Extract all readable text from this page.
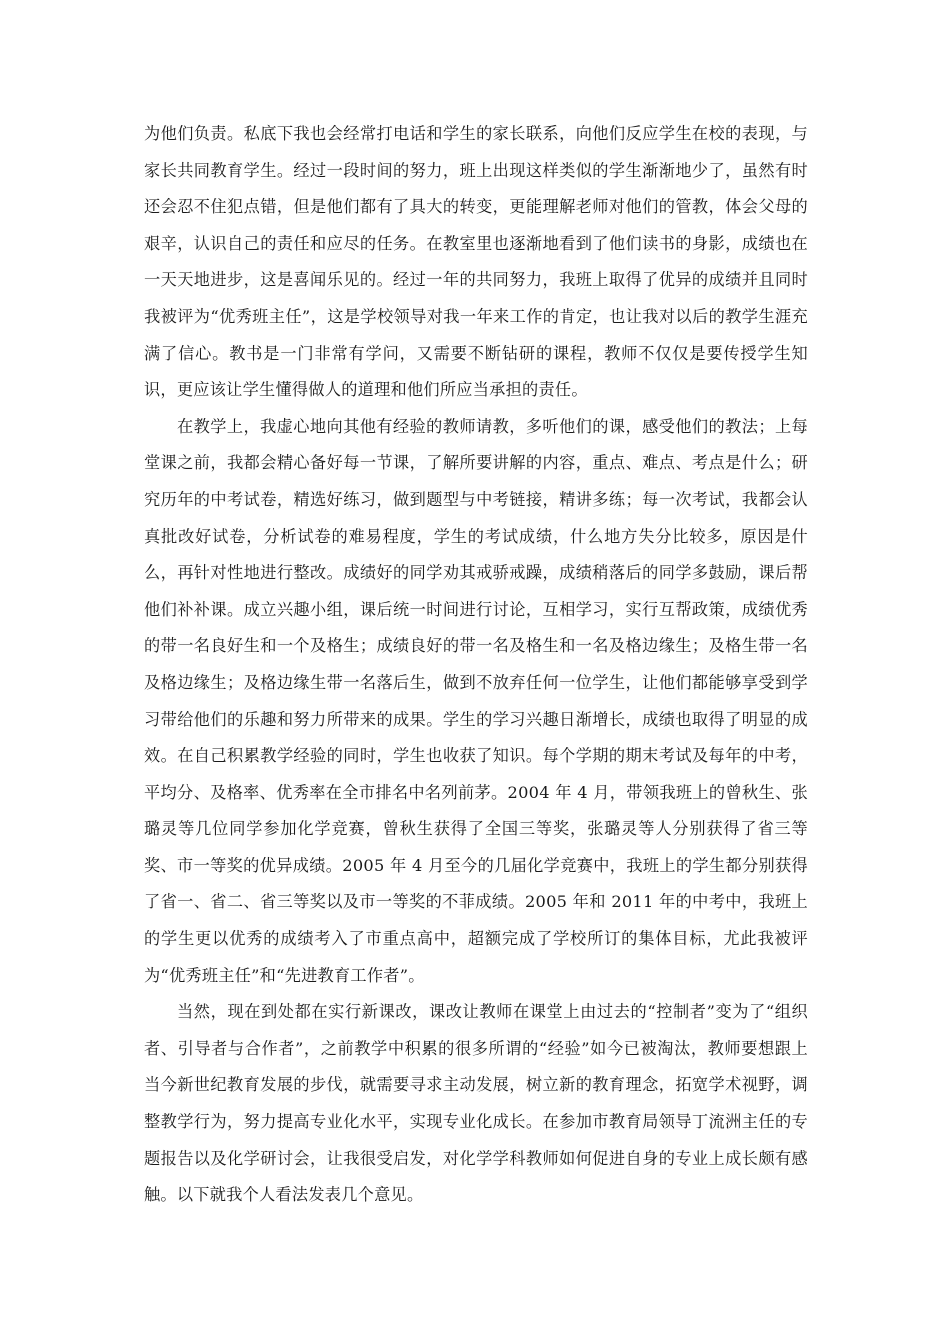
为他们负责。私底下我也会经常打电话和学生的家长联系，向他们反应学生在校的表现，与家长共同教育学生。经过一段时间的努力，班上出现这样类似的学生渐渐地少了，虽然有时还会忍不住犯点错，但是他们都有了具大的转变，更能理解老师对他们的管教，体会父母的艰辛，认识自己的责任和应尽的任务。在教室里也逐渐地看到了他们读书的身影，成绩也在一天天地进步，这是喜闻乐见的。经过一年的共同努力，我班上取得了优异的成绩并且同时我被评为“优秀班主任”，这是学校领导对我一年来工作的肯定，也让我对以后的教学生涯充满了信心。教书是一门非常有学问，又需要不断钻研的课程，教师不仅仅是要传授学生知识，更应该让学生懂得做人的道理和他们所应当承担的责任。

在教学上，我虚心地向其他有经验的教师请教，多听他们的课，感受他们的教法；上每堂课之前，我都会精心备好每一节课，了解所要讲解的内容，重点、难点、考点是什么；研究历年的中考试卷，精选好练习，做到题型与中考链接，精讲多练；每一次考试，我都会认真批改好试卷，分析试卷的难易程度，学生的考试成绩，什么地方失分比较多，原因是什么，再针对性地进行整改。成绩好的同学劝其戒骄戒躁，成绩稍落后的同学多鼓励，课后帮他们补补课。成立兴趣小组，课后统一时间进行讨论，互相学习，实行互帮政策，成绩优秀的带一名良好生和一个及格生；成绩良好的带一名及格生和一名及格边缘生；及格生带一名及格边缘生；及格边缘生带一名落后生，做到不放弃任何一位学生，让他们都能够享受到学习带给他们的乐趣和努力所带来的成果。学生的学习兴趣日渐增长，成绩也取得了明显的成效。在自己积累教学经验的同时，学生也收获了知识。每个学期的期末考试及每年的中考，平均分、及格率、优秀率在全市排名中名列前茅。2004 年 4 月，带领我班上的曾秋生、张璐灵等几位同学参加化学竞赛，曾秋生获得了全国三等奖，张璐灵等人分别获得了省三等奖、市一等奖的优异成绩。2005 年 4 月至今的几届化学竞赛中，我班上的学生都分别获得了省一、省二、省三等奖以及市一等奖的不菲成绩。2005 年和 2011 年的中考中，我班上的学生更以优秀的成绩考入了市重点高中，超额完成了学校所订的集体目标，尤此我被评为“优秀班主任”和“先进教育工作者”。

当然，现在到处都在实行新课改，课改让教师在课堂上由过去的“控制者”变为了“组织者、引导者与合作者”，之前教学中积累的很多所谓的“经验”如今已被淘汰，教师要想跟上当今新世纪教育发展的步伐，就需要寻求主动发展，树立新的教育理念，拓宽学术视野，调整教学行为，努力提高专业化水平，实现专业化成长。在参加市教育局领导丁流洲主任的专题报告以及化学研讨会，让我很受启发，对化学学科教师如何促进自身的专业上成长颇有感触。以下就我个人看法发表几个意见。
